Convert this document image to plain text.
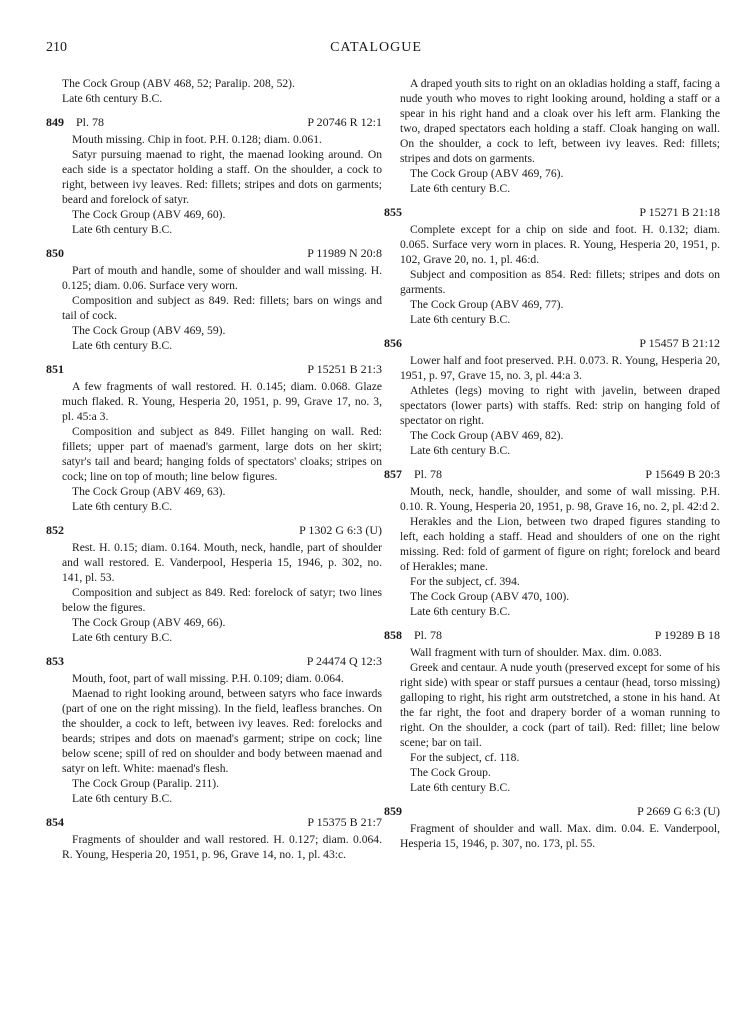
210	CATALOGUE

The Cock Group (ABV 468, 52; Paralip. 208, 52).

Late 6th century B.C.

849 Pl. 78	P 20746 R 12:1

Mouth missing. Chip in foot. P.H. 0.128; diam. 0.061.

Satyr pursuing maenad to right, the maenad looking around. On each side is a spectator holding a staff. On the shoulder, a cock to right, between ivy leaves. Red: fillets; stripes and dots on garments; beard and forelock of satyr.

The Cock Group (ABV 469, 60).

Late 6th century B.C.

850	P 11989 N 20:8

Part of mouth and handle, some of shoulder and wall missing. H. 0.125; diam. 0.06. Surface very worn.

Composition and subject as 849. Red: fillets; bars on wings and tail of cock.

The Cock Group (ABV 469, 59).

Late 6th century B.C.

851	P 15251 B 21:3

A few fragments of wall restored. H. 0.145; diam. 0.068. Glaze much flaked. R. Young, Hesperia 20, 1951, p. 99, Grave 17, no. 3, pl. 45:a 3.

Composition and subject as 849. Fillet hanging on wall. Red: fillets; upper part of maenad's garment, large dots on her skirt; satyr's tail and beard; hanging folds of spectators' cloaks; stripes on cock; line on top of mouth; line below figures.

The Cock Group (ABV 469, 63).

Late 6th century B.C.

852	P 1302 G 6:3 (U)

Rest. H. 0.15; diam. 0.164. Mouth, neck, handle, part of shoulder and wall restored. E. Vanderpool, Hesperia 15, 1946, p. 302, no. 141, pl. 53.

Composition and subject as 849. Red: forelock of satyr; two lines below the figures.

The Cock Group (ABV 469, 66).

Late 6th century B.C.

853	P 24474 Q 12:3

Mouth, foot, part of wall missing. P.H. 0.109; diam. 0.064.

Maenad to right looking around, between satyrs who face inwards (part of one on the right missing). In the field, leafless branches. On the shoulder, a cock to left, between ivy leaves. Red: forelocks and beards; stripes and dots on maenad's garment; stripe on cock; line below scene; spill of red on shoulder and body between maenad and satyr on left. White: maenad's flesh.

The Cock Group (Paralip. 211).

Late 6th century B.C.

854	P 15375 B 21:7

Fragments of shoulder and wall restored. H. 0.127; diam. 0.064. R. Young, Hesperia 20, 1951, p. 96, Grave 14, no. 1, pl. 43:c.

A draped youth sits to right on an okladias holding a staff, facing a nude youth who moves to right looking around, holding a staff or a spear in his right hand and a cloak over his left arm. Flanking the two, draped spectators each holding a staff. Cloak hanging on wall. On the shoulder, a cock to left, between ivy leaves. Red: fillets; stripes and dots on garments.

The Cock Group (ABV 469, 76).

Late 6th century B.C.

855	P 15271 B 21:18

Complete except for a chip on side and foot. H. 0.132; diam. 0.065. Surface very worn in places. R. Young, Hesperia 20, 1951, p. 102, Grave 20, no. 1, pl. 46:d.

Subject and composition as 854. Red: fillets; stripes and dots on garments.

The Cock Group (ABV 469, 77).

Late 6th century B.C.

856	P 15457 B 21:12

Lower half and foot preserved. P.H. 0.073. R. Young, Hesperia 20, 1951, p. 97, Grave 15, no. 3, pl. 44:a 3.

Athletes (legs) moving to right with javelin, between draped spectators (lower parts) with staffs. Red: strip on hanging fold of spectator on right.

The Cock Group (ABV 469, 82).

Late 6th century B.C.

857 Pl. 78	P 15649 B 20:3

Mouth, neck, handle, shoulder, and some of wall missing. P.H. 0.10. R. Young, Hesperia 20, 1951, p. 98, Grave 16, no. 2, pl. 42:d 2.

Herakles and the Lion, between two draped figures standing to left, each holding a staff. Head and shoulders of one on the right missing. Red: fold of garment of figure on right; forelock and beard of Herakles; mane.

For the subject, cf. 394.

The Cock Group (ABV 470, 100).

Late 6th century B.C.

858 Pl. 78	P 19289 B 18

Wall fragment with turn of shoulder. Max. dim. 0.083.

Greek and centaur. A nude youth (preserved except for some of his right side) with spear or staff pursues a centaur (head, torso missing) galloping to right, his right arm outstretched, a stone in his hand. At the far right, the foot and drapery border of a woman running to right. On the shoulder, a cock (part of tail). Red: fillet; line below scene; bar on tail.

For the subject, cf. 118.

The Cock Group.

Late 6th century B.C.

859	P 2669 G 6:3 (U)

Fragment of shoulder and wall. Max. dim. 0.04. E. Vanderpool, Hesperia 15, 1946, p. 307, no. 173, pl. 55.
